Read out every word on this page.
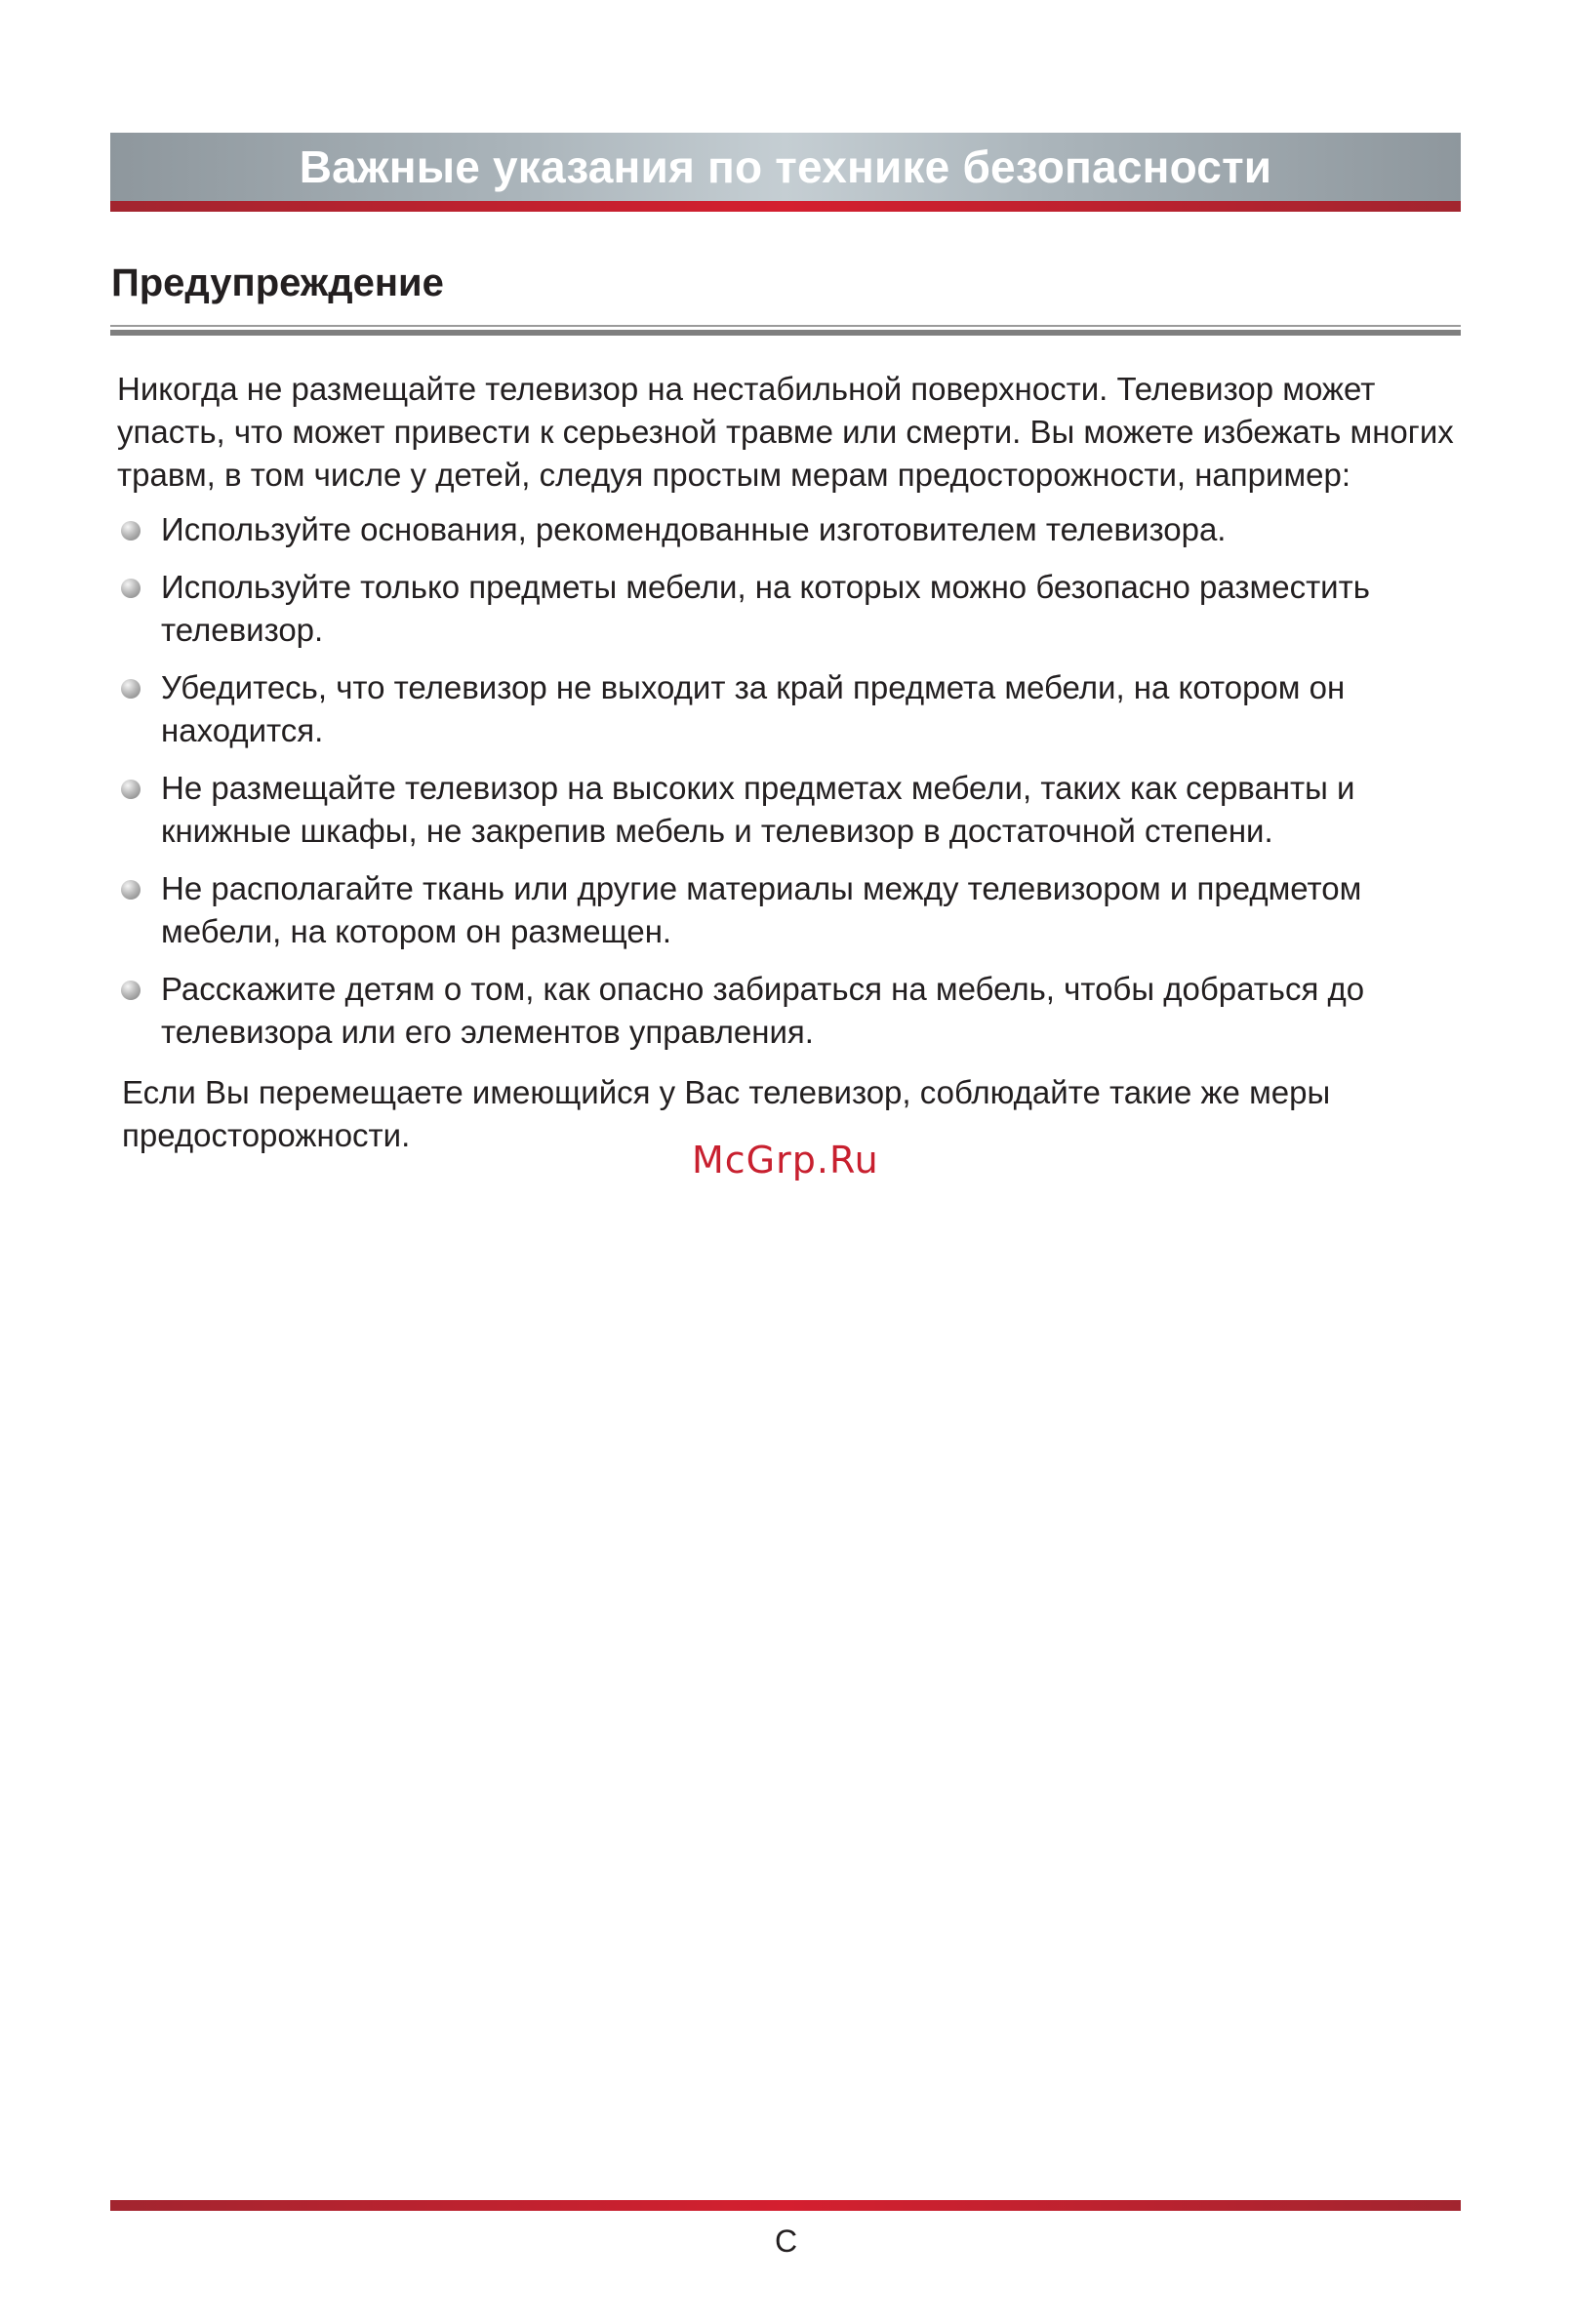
Важные указания по технике безопасности
Предупреждение

Никогда не размещайте телевизор на нестабильной поверхности. Телевизор может упасть, что может привести к серьезной травме или смерти. Вы можете избежать многих травм, в том числе у детей, следуя простым мерам предосторожности, например:

Используйте основания, рекомендованные изготовителем телевизора.
Используйте только предметы мебели, на которых можно безопасно разместить телевизор.
Убедитесь, что телевизор не выходит за край предмета мебели, на котором он находится.
Не размещайте телевизор на высоких предметах мебели, таких как серванты и книжные шкафы, не закрепив мебель и телевизор в достаточной степени.
Не располагайте ткань или другие материалы между телевизором и предметом мебели, на котором он размещен.
Расскажите детям о том, как опасно забираться на мебель, чтобы добраться до телевизора или его элементов управления.

Если Вы перемещаете имеющийся у Вас телевизор, соблюдайте такие же меры предосторожности.

McGrp.Ru
C
